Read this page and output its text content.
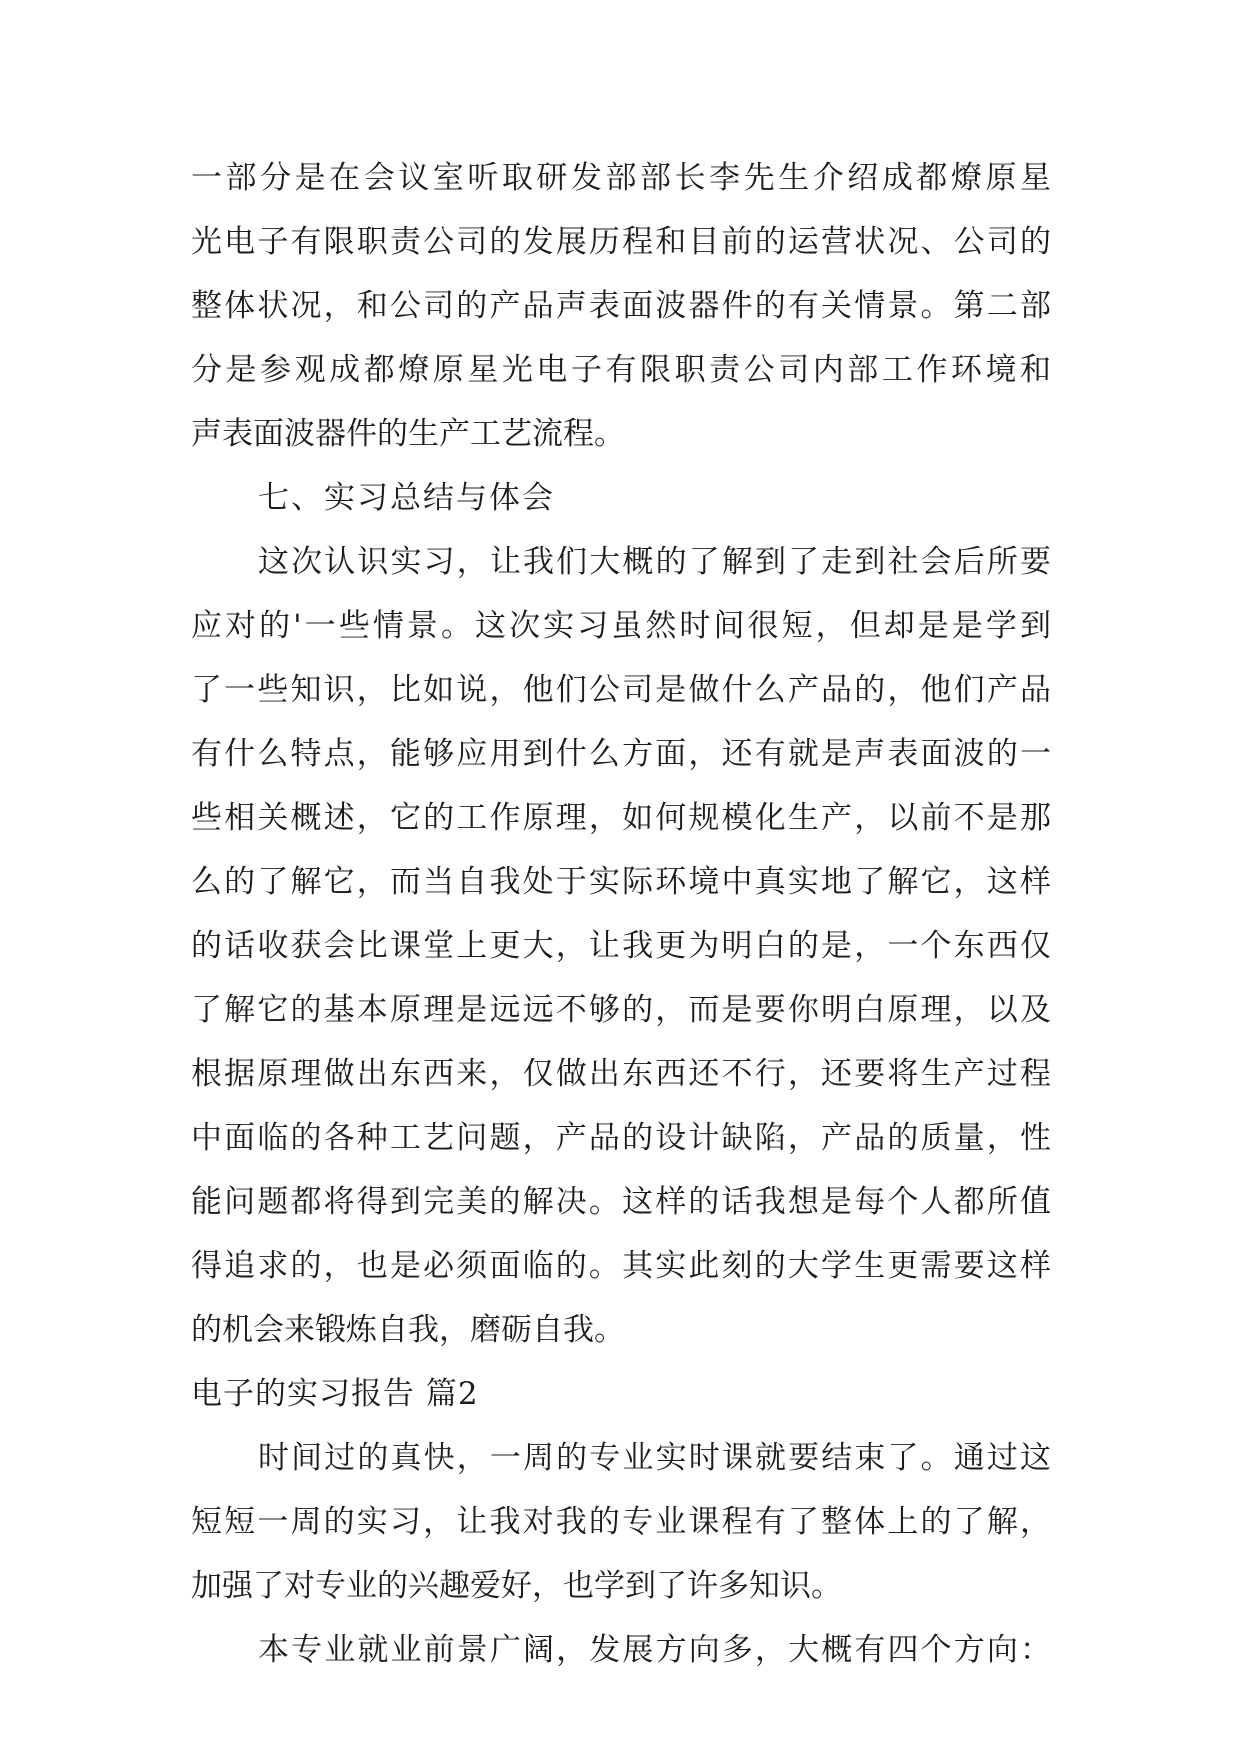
一部分是在会议室听取研发部部长李先生介绍成都燎原星
光电子有限职责公司的发展历程和目前的运营状况、公司的
整体状况，和公司的产品声表面波器件的有关情景。第二部
分是参观成都燎原星光电子有限职责公司内部工作环境和
声表面波器件的生产工艺流程。
七、实习总结与体会
这次认识实习，让我们大概的了解到了走到社会后所要
应对的'一些情景。这次实习虽然时间很短，但却是是学到
了一些知识，比如说，他们公司是做什么产品的，他们产品
有什么特点，能够应用到什么方面，还有就是声表面波的一
些相关概述，它的工作原理，如何规模化生产，以前不是那
么的了解它，而当自我处于实际环境中真实地了解它，这样
的话收获会比课堂上更大，让我更为明白的是，一个东西仅
了解它的基本原理是远远不够的，而是要你明白原理，以及
根据原理做出东西来，仅做出东西还不行，还要将生产过程
中面临的各种工艺问题，产品的设计缺陷，产品的质量，性
能问题都将得到完美的解决。这样的话我想是每个人都所值
得追求的，也是必须面临的。其实此刻的大学生更需要这样
的机会来锻炼自我，磨砺自我。
电子的实习报告 篇2
时间过的真快，一周的专业实时课就要结束了。通过这
短短一周的实习，让我对我的专业课程有了整体上的了解，
加强了对专业的兴趣爱好，也学到了许多知识。
本专业就业前景广阔，发展方向多，大概有四个方向：
